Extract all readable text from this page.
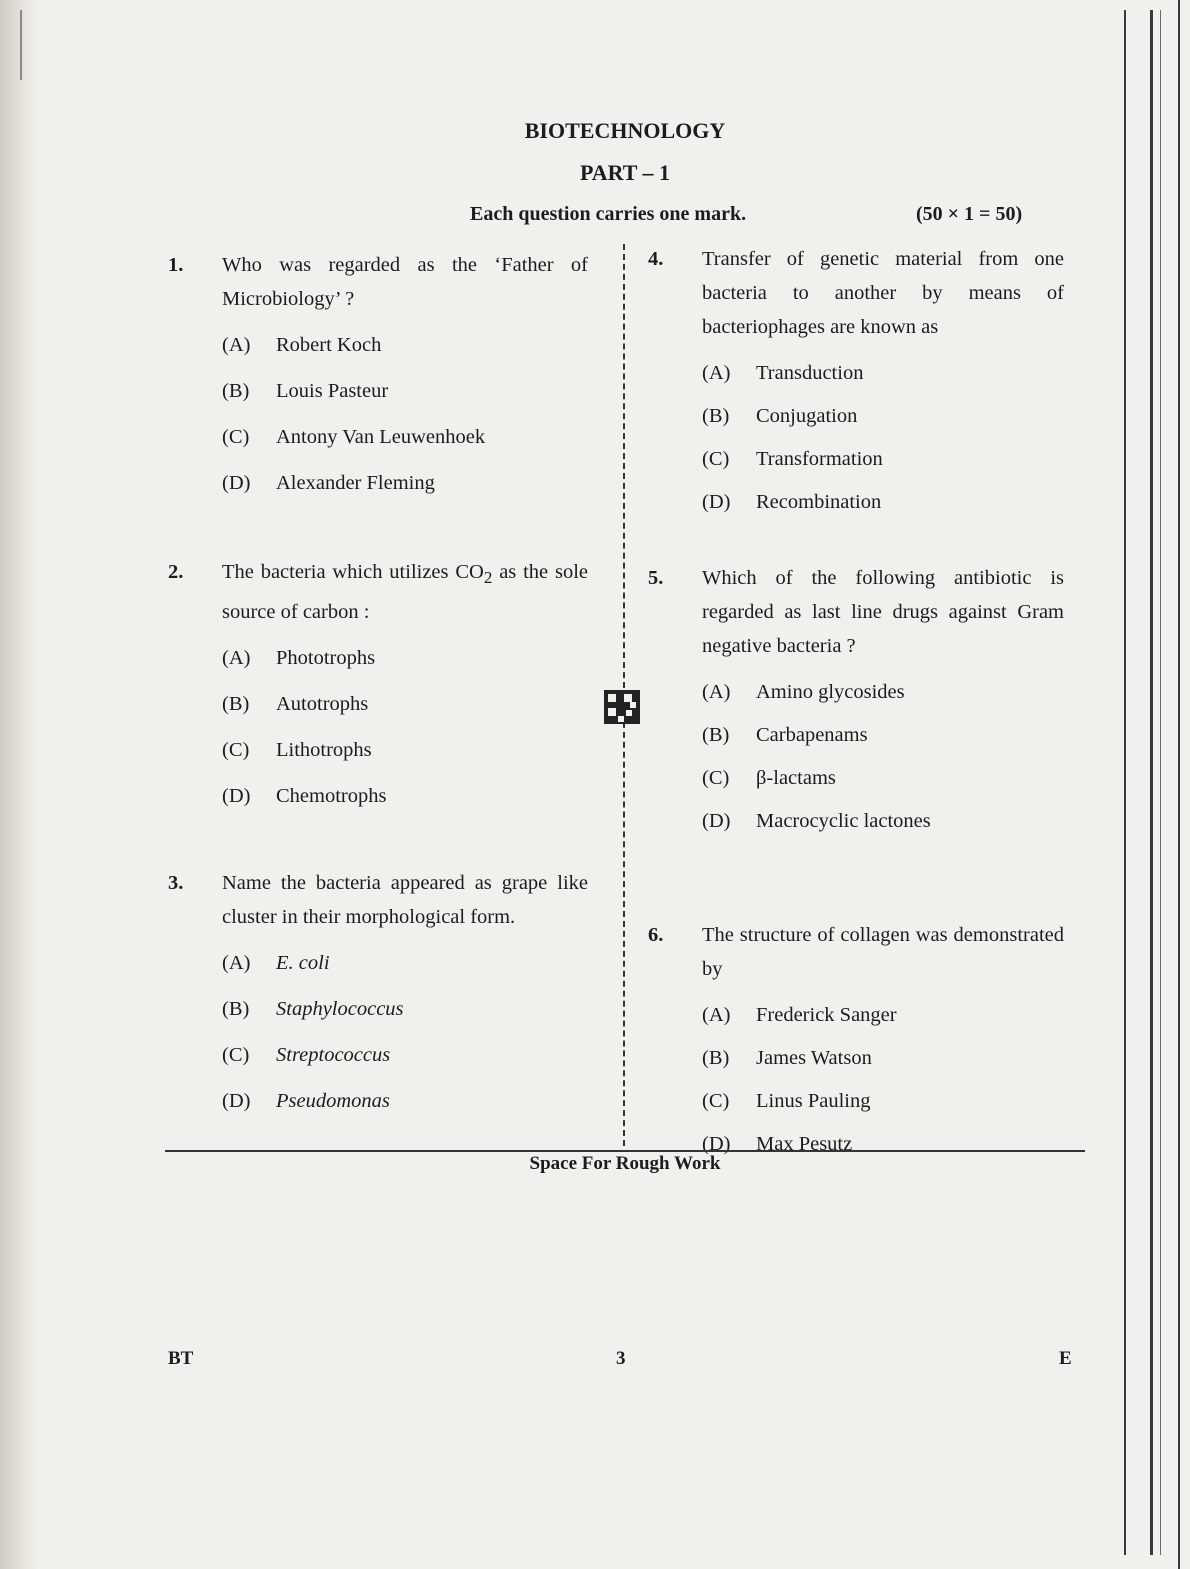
BIOTECHNOLOGY
PART – 1
Each question carries one mark.	(50 × 1 = 50)
1. Who was regarded as the ‘Father of Microbiology’ ?
(A)	Robert Koch
(B)	Louis Pasteur
(C)	Antony Van Leuwenhoek
(D)	Alexander Fleming
2. The bacteria which utilizes $CO_2$ as the sole source of carbon :
(A)	Phototrophs
(B)	Autotrophs
(C)	Lithotrophs
(D)	Chemotrophs
3. Name the bacteria appeared as grape like cluster in their morphological form.
(A)	E. coli
(B)	Staphylococcus
(C)	Streptococcus
(D)	Pseudomonas
4. Transfer of genetic material from one bacteria to another by means of bacteriophages are known as
(A)	Transduction
(B)	Conjugation
(C)	Transformation
(D)	Recombination
5. Which of the following antibiotic is regarded as last line drugs against Gram negative bacteria ?
(A)	Amino glycosides
(B)	Carbapenams
(C)	β-lactams
(D)	Macrocyclic lactones
6. The structure of collagen was demonstrated by
(A)	Frederick Sanger
(B)	James Watson
(C)	Linus Pauling
(D)	Max Pesutz
Space For Rough Work
BT	3	E
